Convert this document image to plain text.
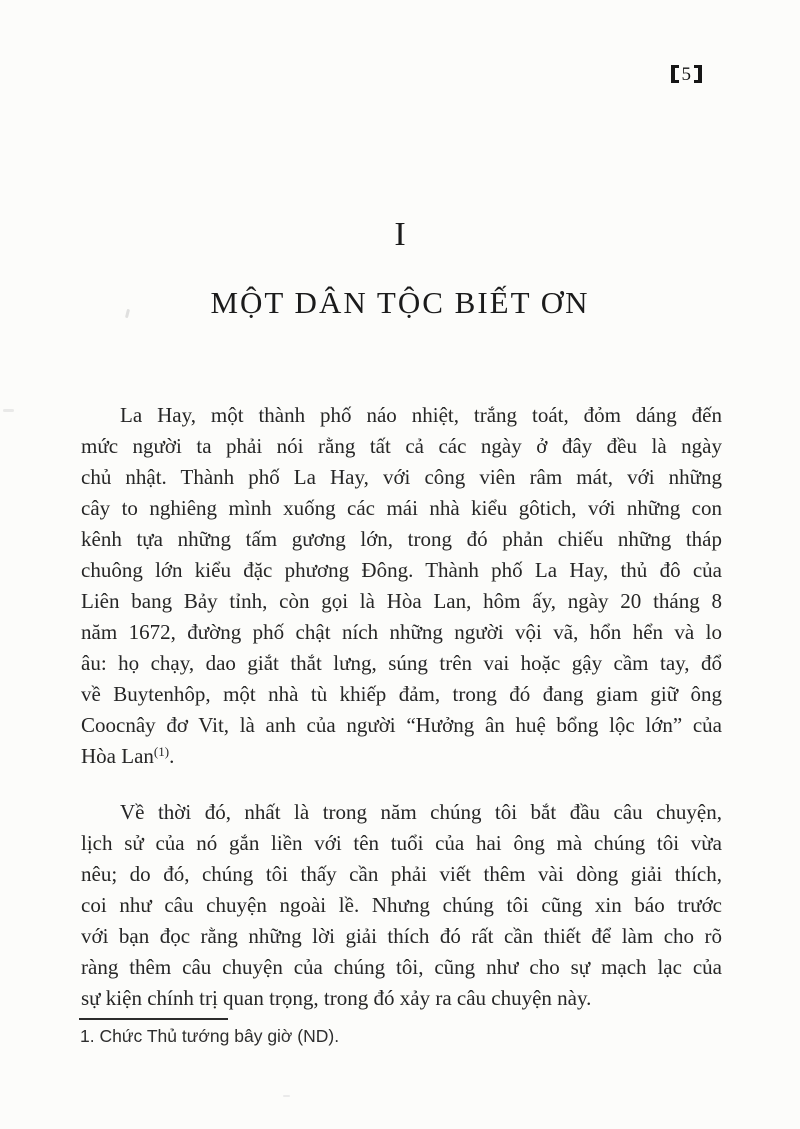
5
I
MỘT DÂN TỘC BIẾT ƠN
La Hay, một thành phố náo nhiệt, trắng toát, đỏm dáng đến
mức người ta phải nói rằng tất cả các ngày ở đây đều là ngày
chủ nhật. Thành phố La Hay, với công viên râm mát, với những
cây to nghiêng mình xuống các mái nhà kiểu gôtich, với những con
kênh tựa những tấm gương lớn, trong đó phản chiếu những tháp
chuông lớn kiểu đặc phương Đông. Thành phố La Hay, thủ đô của
Liên bang Bảy tỉnh, còn gọi là Hòa Lan, hôm ấy, ngày 20 tháng 8
năm 1672, đường phố chật ních những người vội vã, hổn hển và lo
âu: họ chạy, dao giắt thắt lưng, súng trên vai hoặc gậy cầm tay, đổ
về Buytenhôp, một nhà tù khiếp đảm, trong đó đang giam giữ ông
Coocnây đơ Vit, là anh của người “Hưởng ân huệ bổng lộc lớn” của
Hòa Lan$^{(1)}$.
Về thời đó, nhất là trong năm chúng tôi bắt đầu câu chuyện,
lịch sử của nó gắn liền với tên tuổi của hai ông mà chúng tôi vừa
nêu; do đó, chúng tôi thấy cần phải viết thêm vài dòng giải thích,
coi như câu chuyện ngoài lề. Nhưng chúng tôi cũng xin báo trước
với bạn đọc rằng những lời giải thích đó rất cần thiết để làm cho rõ
ràng thêm câu chuyện của chúng tôi, cũng như cho sự mạch lạc của
sự kiện chính trị quan trọng, trong đó xảy ra câu chuyện này.
1. Chức Thủ tướng bây giờ (ND).
